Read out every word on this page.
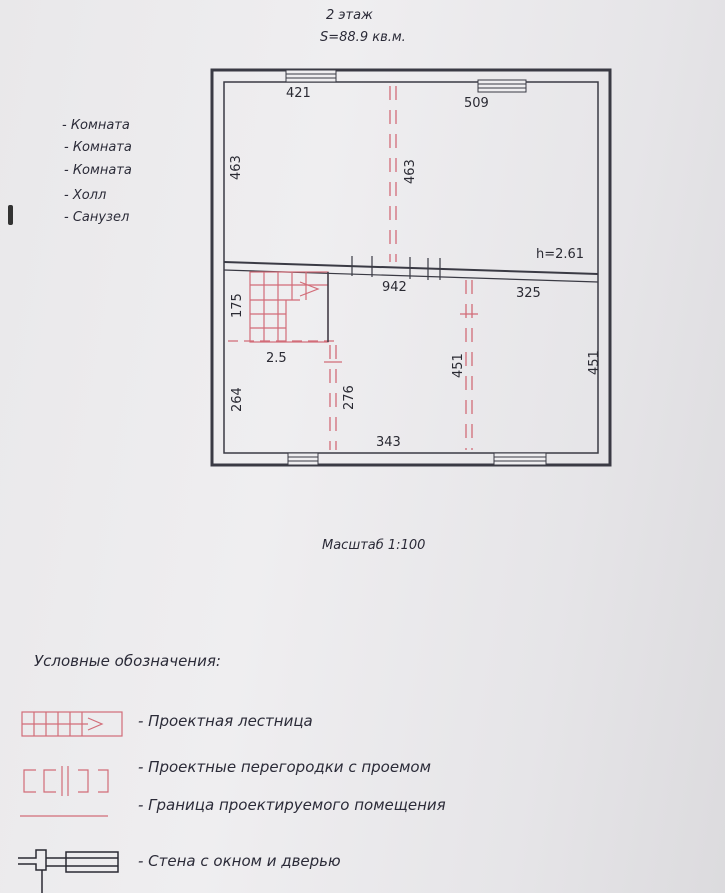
2 этаж
S=88.9 кв.м.
- Комната
- Комната
- Комната
- Холл
- Санузел
421
509
463	463
h=2.61
942	325
175
2.5
264	276
451	451
343
Масштаб 1:100
Условные обозначения:
- Проектная лестница
- Проектные перегородки с проемом
- Граница проектируемого помещения
- Стена с окном и дверью
